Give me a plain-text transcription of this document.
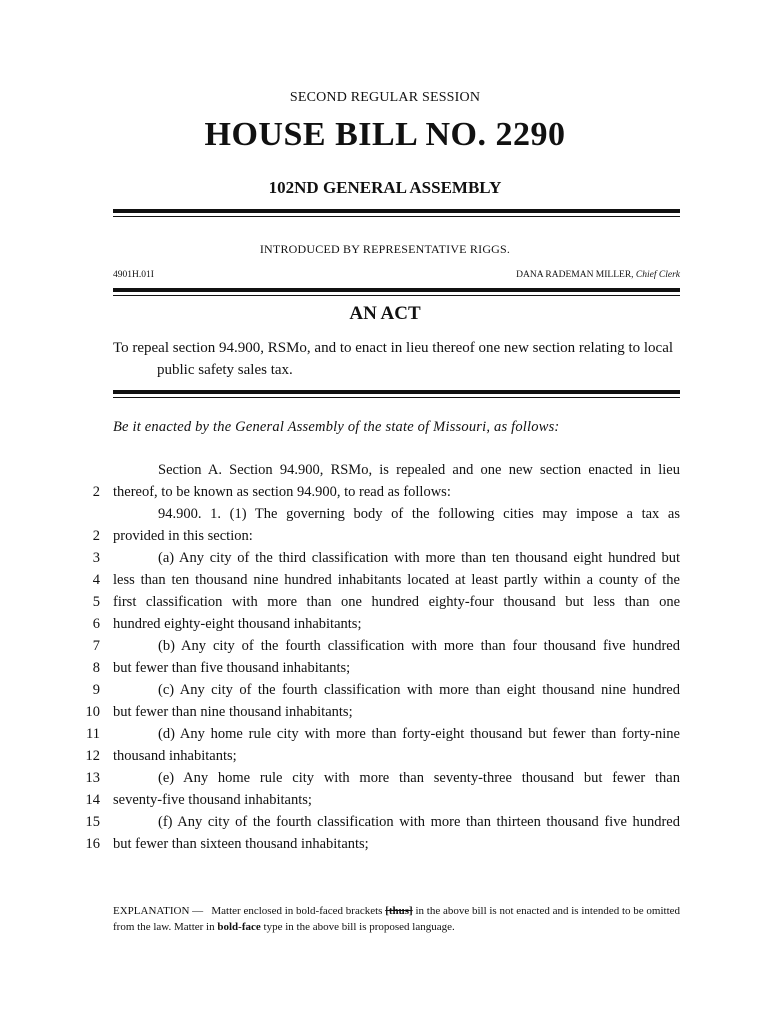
SECOND REGULAR SESSION
HOUSE BILL NO. 2290
102ND GENERAL ASSEMBLY
INTRODUCED BY REPRESENTATIVE RIGGS.
4901H.01I	DANA RADEMAN MILLER, Chief Clerk
AN ACT
To repeal section 94.900, RSMo, and to enact in lieu thereof one new section relating to local
public safety sales tax.
Be it enacted by the General Assembly of the state of Missouri, as follows:
Section A. Section 94.900, RSMo, is repealed and one new section enacted in lieu
2 thereof, to be known as section 94.900, to read as follows:
94.900. 1. (1) The governing body of the following cities may impose a tax as
2 provided in this section:
3	(a) Any city of the third classification with more than ten thousand eight hundred but
4 less than ten thousand nine hundred inhabitants located at least partly within a county of the
5 first classification with more than one hundred eighty-four thousand but less than one
6 hundred eighty-eight thousand inhabitants;
7	(b) Any city of the fourth classification with more than four thousand five hundred
8 but fewer than five thousand inhabitants;
9	(c) Any city of the fourth classification with more than eight thousand nine hundred
10 but fewer than nine thousand inhabitants;
11	(d) Any home rule city with more than forty-eight thousand but fewer than forty-nine
12 thousand inhabitants;
13	(e) Any home rule city with more than seventy-three thousand but fewer than
14 seventy-five thousand inhabitants;
15	(f) Any city of the fourth classification with more than thirteen thousand five hundred
16 but fewer than sixteen thousand inhabitants;
EXPLANATION — Matter enclosed in bold-faced brackets [thus] in the above bill is not enacted and is intended to be omitted from the law. Matter in bold-face type in the above bill is proposed language.
